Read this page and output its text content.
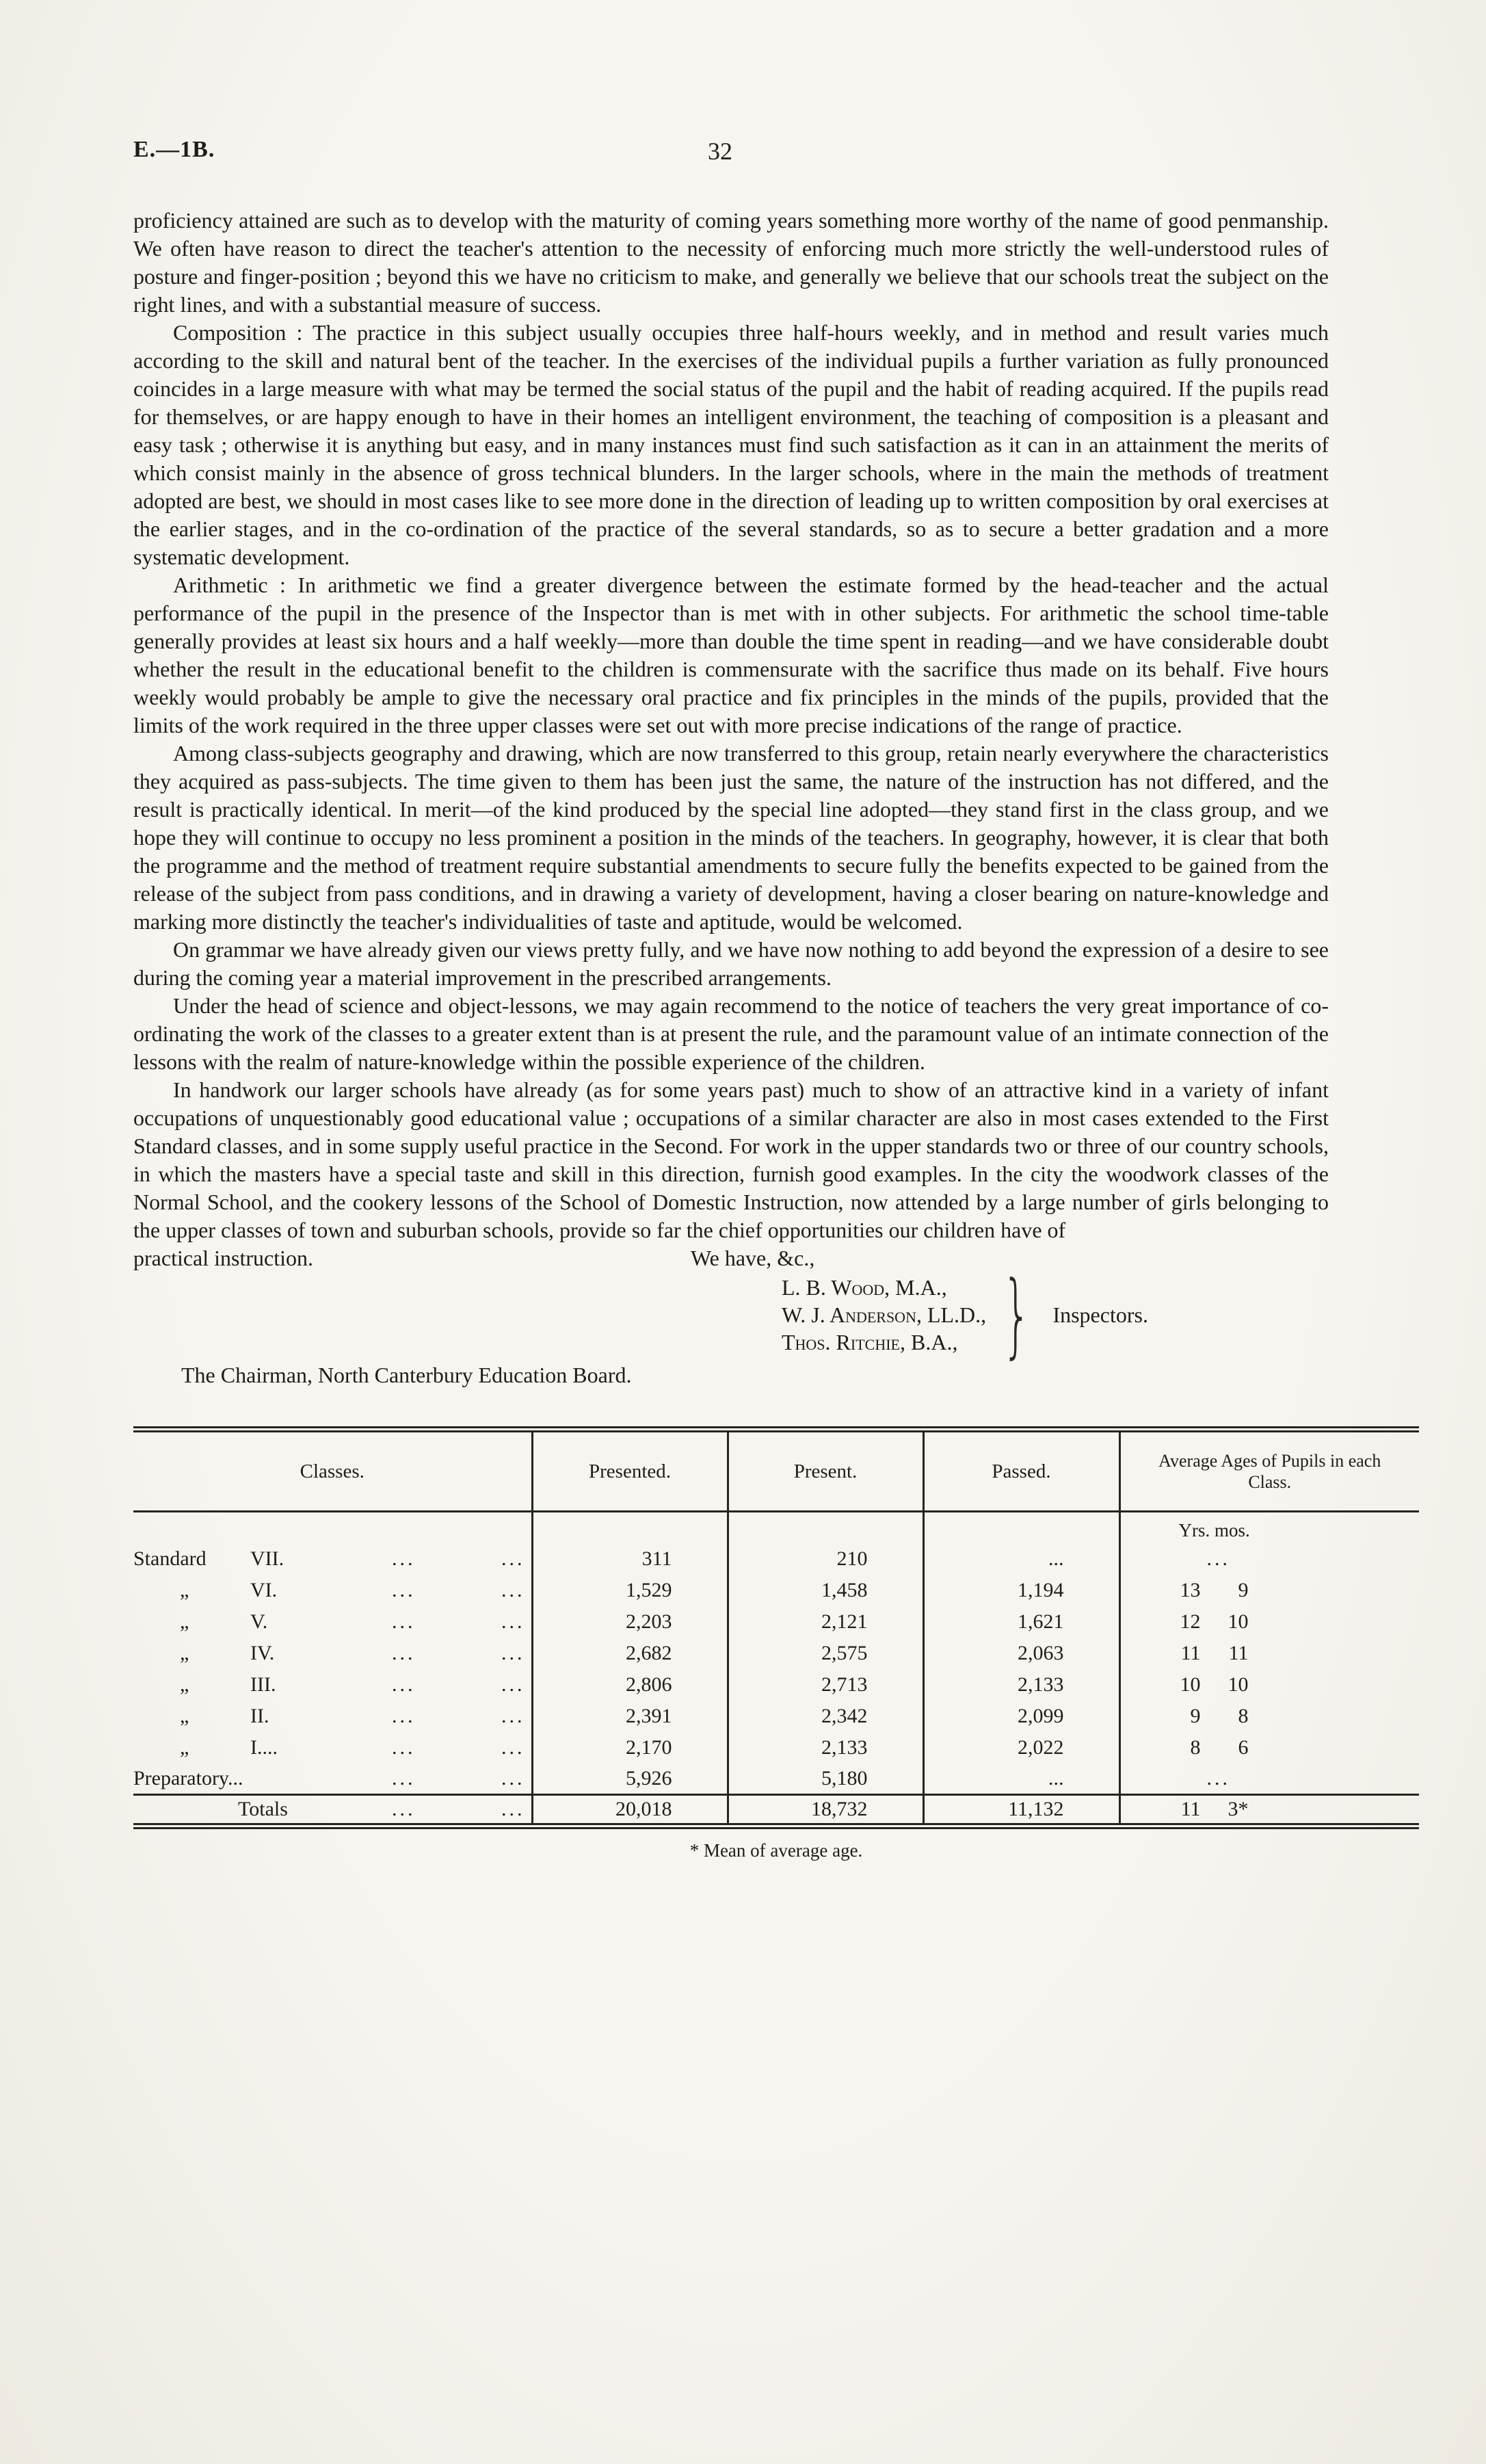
E.—1B.	32

proficiency attained are such as to develop with the maturity of coming years something more worthy of the name of good penmanship. We often have reason to direct the teacher's attention to the necessity of enforcing much more strictly the well-understood rules of posture and finger-position ; beyond this we have no criticism to make, and generally we believe that our schools treat the subject on the right lines, and with a substantial measure of success.

Composition : The practice in this subject usually occupies three half-hours weekly, and in method and result varies much according to the skill and natural bent of the teacher. In the exercises of the individual pupils a further variation as fully pronounced coincides in a large measure with what may be termed the social status of the pupil and the habit of reading acquired. If the pupils read for themselves, or are happy enough to have in their homes an intelligent environment, the teaching of composition is a pleasant and easy task ; otherwise it is anything but easy, and in many instances must find such satisfaction as it can in an attainment the merits of which consist mainly in the absence of gross technical blunders. In the larger schools, where in the main the methods of treatment adopted are best, we should in most cases like to see more done in the direction of leading up to written composition by oral exercises at the earlier stages, and in the co-ordination of the practice of the several standards, so as to secure a better gradation and a more systematic development.

Arithmetic : In arithmetic we find a greater divergence between the estimate formed by the head-teacher and the actual performance of the pupil in the presence of the Inspector than is met with in other subjects. For arithmetic the school time-table generally provides at least six hours and a half weekly—more than double the time spent in reading—and we have considerable doubt whether the result in the educational benefit to the children is commensurate with the sacrifice thus made on its behalf. Five hours weekly would probably be ample to give the necessary oral practice and fix principles in the minds of the pupils, provided that the limits of the work required in the three upper classes were set out with more precise indications of the range of practice.

Among class-subjects geography and drawing, which are now transferred to this group, retain nearly everywhere the characteristics they acquired as pass-subjects. The time given to them has been just the same, the nature of the instruction has not differed, and the result is practically identical. In merit—of the kind produced by the special line adopted—they stand first in the class group, and we hope they will continue to occupy no less prominent a position in the minds of the teachers. In geography, however, it is clear that both the programme and the method of treatment require substantial amendments to secure fully the benefits expected to be gained from the release of the subject from pass conditions, and in drawing a variety of development, having a closer bearing on nature-knowledge and marking more distinctly the teacher's individualities of taste and aptitude, would be welcomed.

On grammar we have already given our views pretty fully, and we have now nothing to add beyond the expression of a desire to see during the coming year a material improvement in the prescribed arrangements.

Under the head of science and object-lessons, we may again recommend to the notice of teachers the very great importance of co-ordinating the work of the classes to a greater extent than is at present the rule, and the paramount value of an intimate connection of the lessons with the realm of nature-knowledge within the possible experience of the children.

In handwork our larger schools have already (as for some years past) much to show of an attractive kind in a variety of infant occupations of unquestionably good educational value ; occupations of a similar character are also in most cases extended to the First Standard classes, and in some supply useful practice in the Second. For work in the upper standards two or three of our country schools, in which the masters have a special taste and skill in this direction, furnish good examples. In the city the woodwork classes of the Normal School, and the cookery lessons of the School of Domestic Instruction, now attended by a large number of girls belonging to the upper classes of town and suburban schools, provide so far the chief opportunities our children have of

practical instruction.	We have, &c.,
L. B. Wood, M.A.,
W. J. Anderson, LL.D.,
Thos. Ritchie, B.A., } Inspectors.
The Chairman, North Canterbury Education Board.
Classes.	Presented.	Present.	Passed.	Average Ages of Pupils in each Class.
				Yrs. mos.
Standard VII. ... ...	311	210	...	...
„ VI. ... ...	1,529	1,458	1,194	13 9
„ V. ... ...	2,203	2,121	1,621	12 10
„ IV. ... ...	2,682	2,575	2,063	11 11
„ III. ... ...	2,806	2,713	2,133	10 10
„ II. ... ...	2,391	2,342	2,099	9 8
„ I.... ... ...	2,170	2,133	2,022	8 6
Preparatory... ... ...	5,926	5,180	...	...
Totals ... ...	20,018	18,732	11,132	11 3*
* Mean of average age.
